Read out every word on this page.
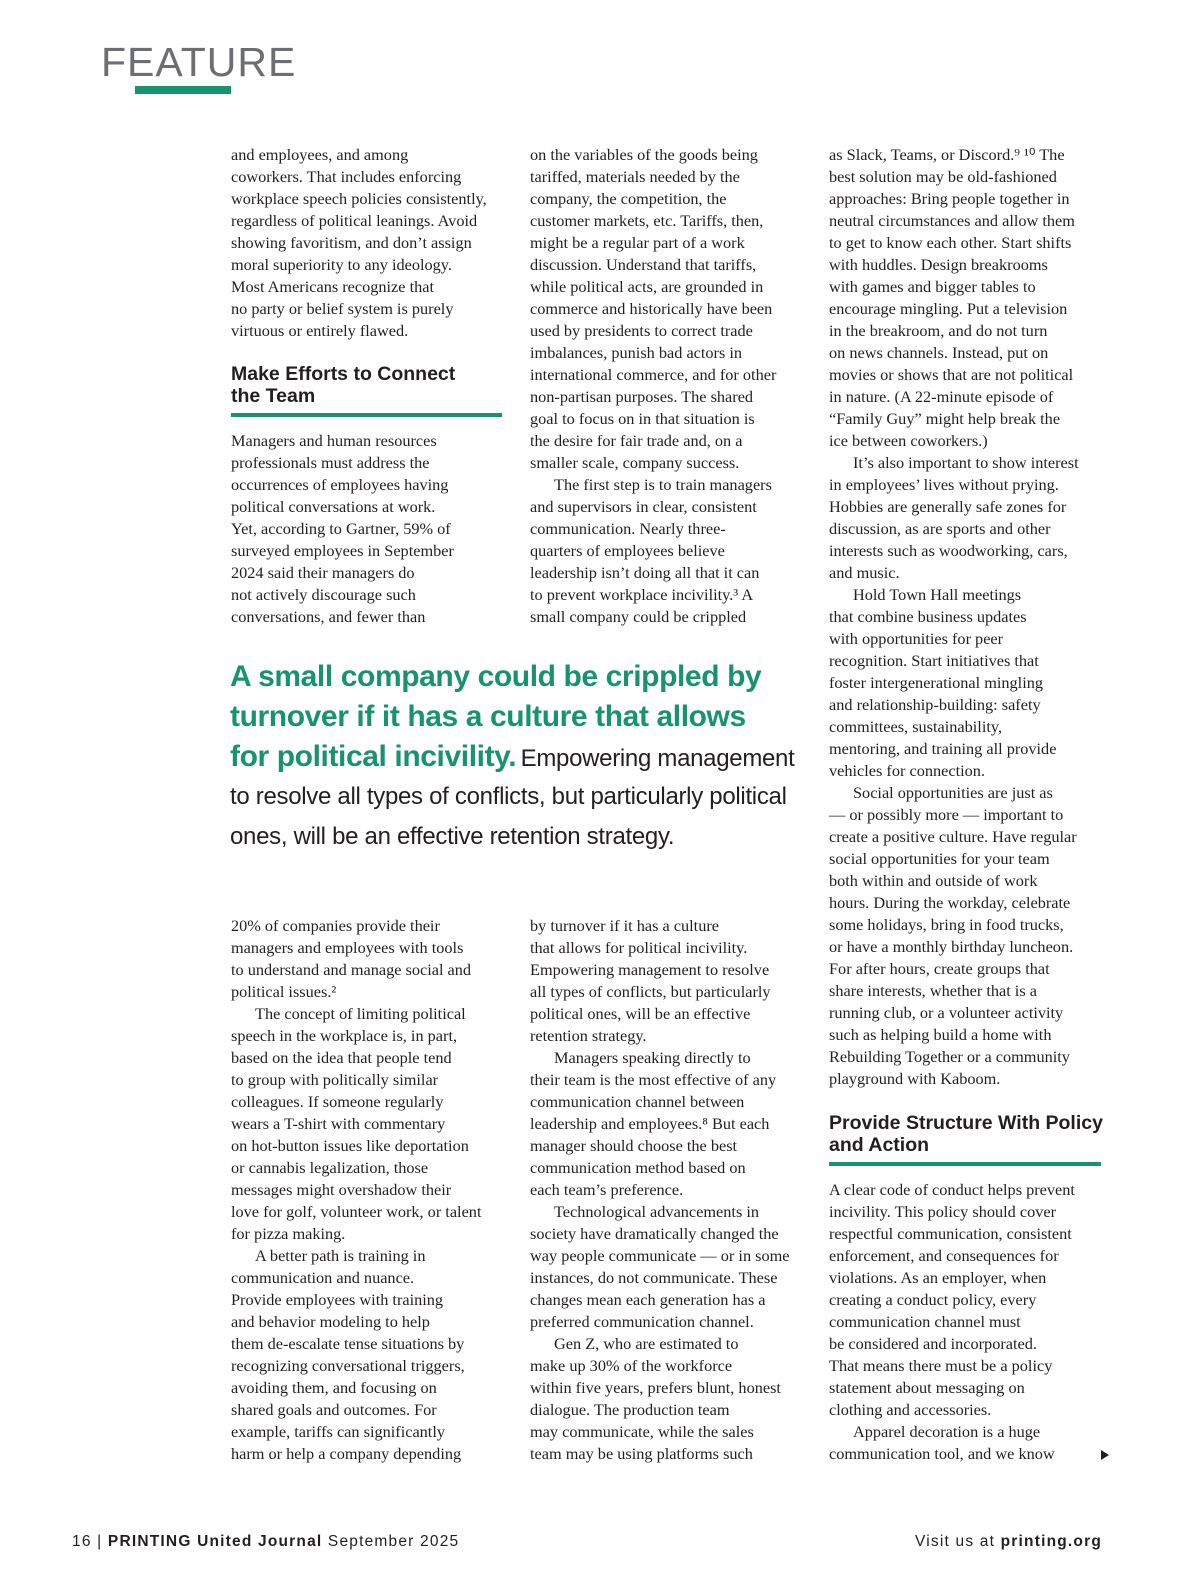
FEATURE

and employees, and among
coworkers. That includes enforcing
workplace speech policies consistently,
regardless of political leanings. Avoid
showing favoritism, and don’t assign
moral superiority to any ideology.
Most Americans recognize that
no party or belief system is purely
virtuous or entirely flawed.

Make Efforts to Connect
the Team

Managers and human resources
professionals must address the
occurrences of employees having
political conversations at work.
Yet, according to Gartner, 59% of
surveyed employees in September
2024 said their managers do
not actively discourage such
conversations, and fewer than

on the variables of the goods being
tariffed, materials needed by the
company, the competition, the
customer markets, etc. Tariffs, then,
might be a regular part of a work
discussion. Understand that tariffs,
while political acts, are grounded in
commerce and historically have been
used by presidents to correct trade
imbalances, punish bad actors in
international commerce, and for other
non-partisan purposes. The shared
goal to focus on in that situation is
the desire for fair trade and, on a
smaller scale, company success.
The first step is to train managers
and supervisors in clear, consistent
communication. Nearly three-
quarters of employees believe
leadership isn’t doing all that it can
to prevent workplace incivility.³ A
small company could be crippled

A small company could be crippled by
turnover if it has a culture that allows
for political incivility. Empowering management
to resolve all types of conflicts, but particularly political
ones, will be an effective retention strategy.

20% of companies provide their
managers and employees with tools
to understand and manage social and
political issues.²
The concept of limiting political
speech in the workplace is, in part,
based on the idea that people tend
to group with politically similar
colleagues. If someone regularly
wears a T-shirt with commentary
on hot-button issues like deportation
or cannabis legalization, those
messages might overshadow their
love for golf, volunteer work, or talent
for pizza making.
A better path is training in
communication and nuance.
Provide employees with training
and behavior modeling to help
them de-escalate tense situations by
recognizing conversational triggers,
avoiding them, and focusing on
shared goals and outcomes. For
example, tariffs can significantly
harm or help a company depending

by turnover if it has a culture
that allows for political incivility.
Empowering management to resolve
all types of conflicts, but particularly
political ones, will be an effective
retention strategy.
Managers speaking directly to
their team is the most effective of any
communication channel between
leadership and employees.⁸ But each
manager should choose the best
communication method based on
each team’s preference.
Technological advancements in
society have dramatically changed the
way people communicate — or in some
instances, do not communicate. These
changes mean each generation has a
preferred communication channel.
Gen Z, who are estimated to
make up 30% of the workforce
within five years, prefers blunt, honest
dialogue. The production team
may communicate, while the sales
team may be using platforms such

as Slack, Teams, or Discord.⁹ ¹⁰ The
best solution may be old-fashioned
approaches: Bring people together in
neutral circumstances and allow them
to get to know each other. Start shifts
with huddles. Design breakrooms
with games and bigger tables to
encourage mingling. Put a television
in the breakroom, and do not turn
on news channels. Instead, put on
movies or shows that are not political
in nature. (A 22-minute episode of
“Family Guy” might help break the
ice between coworkers.)
It’s also important to show interest
in employees’ lives without prying.
Hobbies are generally safe zones for
discussion, as are sports and other
interests such as woodworking, cars,
and music.
Hold Town Hall meetings
that combine business updates
with opportunities for peer
recognition. Start initiatives that
foster intergenerational mingling
and relationship-building: safety
committees, sustainability,
mentoring, and training all provide
vehicles for connection.
Social opportunities are just as
— or possibly more — important to
create a positive culture. Have regular
social opportunities for your team
both within and outside of work
hours. During the workday, celebrate
some holidays, bring in food trucks,
or have a monthly birthday luncheon.
For after hours, create groups that
share interests, whether that is a
running club, or a volunteer activity
such as helping build a home with
Rebuilding Together or a community
playground with Kaboom.

Provide Structure With Policy
and Action

A clear code of conduct helps prevent
incivility. This policy should cover
respectful communication, consistent
enforcement, and consequences for
violations. As an employer, when
creating a conduct policy, every
communication channel must
be considered and incorporated.
That means there must be a policy
statement about messaging on
clothing and accessories.
Apparel decoration is a huge
communication tool, and we know

16 | PRINTING United Journal September 2025	Visit us at printing.org
